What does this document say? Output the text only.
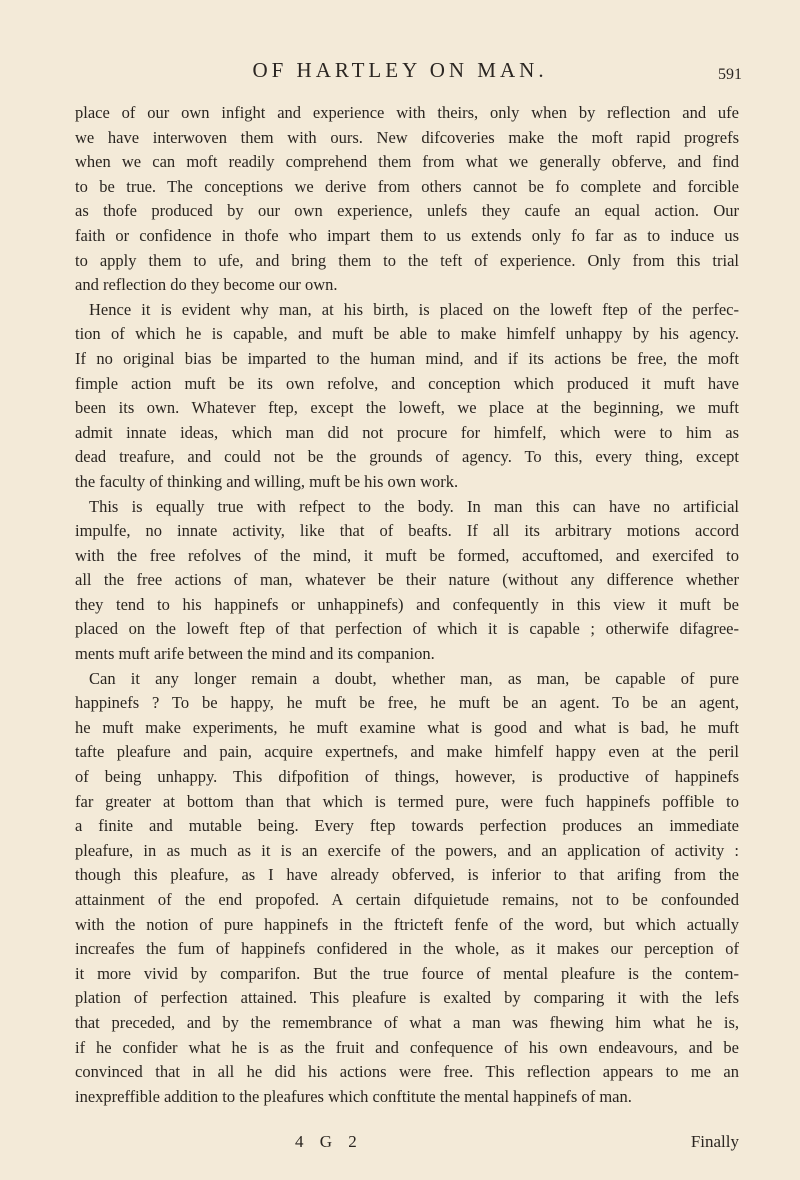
OF HARTLEY ON MAN.	591
place of our own infight and experience with theirs, only when by reflection and ufe
we have interwoven them with ours. New difcoveries make the moft rapid progrefs
when we can moft readily comprehend them from what we generally obferve, and find
to be true. The conceptions we derive from others cannot be fo complete and forcible
as thofe produced by our own experience, unlefs they caufe an equal action. Our
faith or confidence in thofe who impart them to us extends only fo far as to induce us
to apply them to ufe, and bring them to the teft of experience. Only from this trial
and reflection do they become our own.
Hence it is evident why man, at his birth, is placed on the loweft ftep of the perfec-
tion of which he is capable, and muft be able to make himfelf unhappy by his agency.
If no original bias be imparted to the human mind, and if its actions be free, the moft
fimple action muft be its own refolve, and conception which produced it muft have
been its own. Whatever ftep, except the loweft, we place at the beginning, we muft
admit innate ideas, which man did not procure for himfelf, which were to him as
dead treafure, and could not be the grounds of agency. To this, every thing, except
the faculty of thinking and willing, muft be his own work.
This is equally true with refpect to the body. In man this can have no artificial
impulfe, no innate activity, like that of beafts. If all its arbitrary motions accord
with the free refolves of the mind, it muft be formed, accuftomed, and exercifed to
all the free actions of man, whatever be their nature (without any difference whether
they tend to his happinefs or unhappinefs) and confequently in this view it muft be
placed on the loweft ftep of that perfection of which it is capable ; otherwife difagree-
ments muft arife between the mind and its companion.
Can it any longer remain a doubt, whether man, as man, be capable of pure
happinefs ? To be happy, he muft be free, he muft be an agent. To be an agent,
he muft make experiments, he muft examine what is good and what is bad, he muft
tafte pleafure and pain, acquire expertnefs, and make himfelf happy even at the peril
of being unhappy. This difpofition of things, however, is productive of happinefs
far greater at bottom than that which is termed pure, were fuch happinefs poffible to
a finite and mutable being. Every ftep towards perfection produces an immediate
pleafure, in as much as it is an exercife of the powers, and an application of activity :
though this pleafure, as I have already obferved, is inferior to that arifing from the
attainment of the end propofed. A certain difquietude remains, not to be confounded
with the notion of pure happinefs in the ftricteft fenfe of the word, but which actually
increafes the fum of happinefs confidered in the whole, as it makes our perception of
it more vivid by comparifon. But the true fource of mental pleafure is the contem-
plation of perfection attained. This pleafure is exalted by comparing it with the lefs
that preceded, and by the remembrance of what a man was fhewing him what he is,
if he confider what he is as the fruit and confequence of his own endeavours, and be
convinced that in all he did his actions were free. This reflection appears to me an
inexpreffible addition to the pleafures which conftitute the mental happinefs of man.
4 G 2	Finally
